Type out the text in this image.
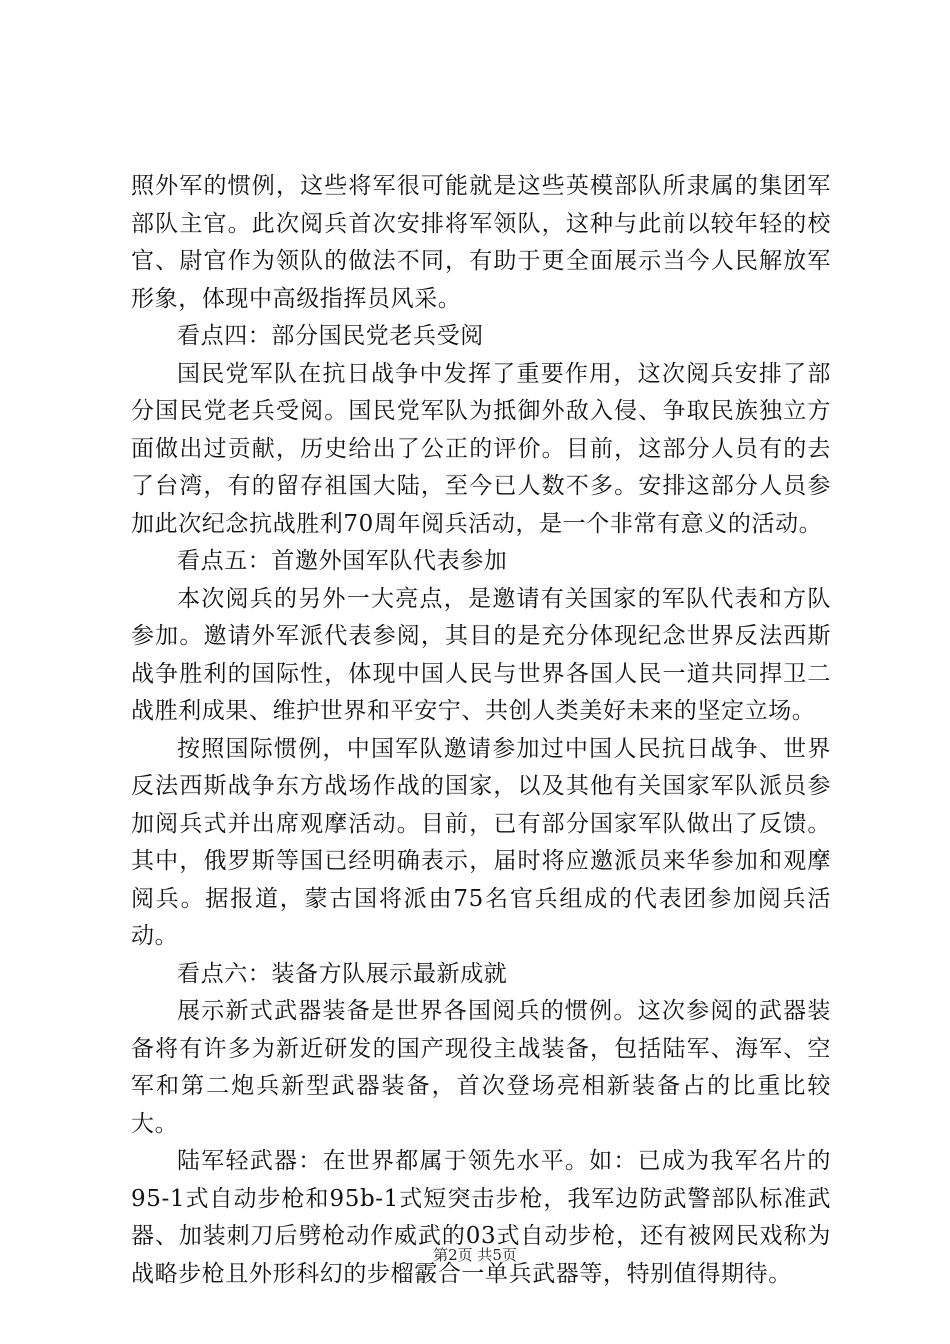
照外军的惯例，这些将军很可能就是这些英模部队所隶属的集团军部队主官。此次阅兵首次安排将军领队，这种与此前以较年轻的校官、尉官作为领队的做法不同，有助于更全面展示当今人民解放军形象，体现中高级指挥员风采。

看点四：部分国民党老兵受阅

国民党军队在抗日战争中发挥了重要作用，这次阅兵安排了部分国民党老兵受阅。国民党军队为抵御外敌入侵、争取民族独立方面做出过贡献，历史给出了公正的评价。目前，这部分人员有的去了台湾，有的留存祖国大陆，至今已人数不多。安排这部分人员参加此次纪念抗战胜利70周年阅兵活动，是一个非常有意义的活动。

看点五：首邀外国军队代表参加

本次阅兵的另外一大亮点，是邀请有关国家的军队代表和方队参加。邀请外军派代表参阅，其目的是充分体现纪念世界反法西斯战争胜利的国际性，体现中国人民与世界各国人民一道共同捍卫二战胜利成果、维护世界和平安宁、共创人类美好未来的坚定立场。

按照国际惯例，中国军队邀请参加过中国人民抗日战争、世界反法西斯战争东方战场作战的国家，以及其他有关国家军队派员参加阅兵式并出席观摩活动。目前，已有部分国家军队做出了反馈。其中，俄罗斯等国已经明确表示，届时将应邀派员来华参加和观摩阅兵。据报道，蒙古国将派由75名官兵组成的代表团参加阅兵活动。

看点六：装备方队展示最新成就

展示新式武器装备是世界各国阅兵的惯例。这次参阅的武器装备将有许多为新近研发的国产现役主战装备，包括陆军、海军、空军和第二炮兵新型武器装备，首次登场亮相新装备占的比重比较大。

陆军轻武器：在世界都属于领先水平。如：已成为我军名片的95-1式自动步枪和95b-1式短突击步枪，我军边防武警部队标准武器、加装刺刀后劈枪动作威武的03式自动步枪，还有被网民戏称为战略步枪且外形科幻的步榴霰合一单兵武器等，特别值得期待。

第2页 共5页
